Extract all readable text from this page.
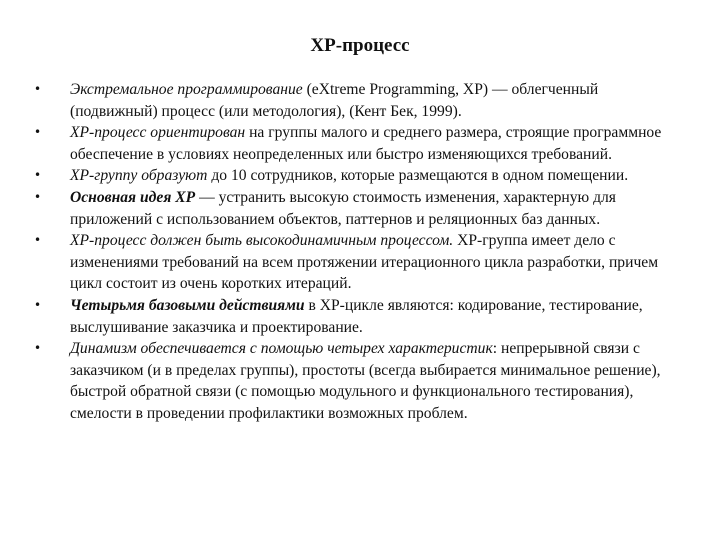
XP-процесс
• Экстремальное программирование (eXtreme Programming, XP) — облегченный (подвижный) процесс (или методология), (Кент Бек, 1999).
• XP-процесс ориентирован на группы малого и среднего размера, строящие программное обеспечение в условиях неопределенных или быстро изменяющихся требований.
• XP-группу образуют до 10 сотрудников, которые размещаются в одном помещении.
• Основная идея XP — устранить высокую стоимость изменения, характерную для приложений с использованием объектов, паттернов и реляционных баз данных.
• XP-процесс должен быть высокодинамичным процессом. XP-группа имеет дело с изменениями требований на всем протяжении итерационного цикла разработки, причем цикл состоит из очень коротких итераций.
• Четырьмя базовыми действиями в XP-цикле являются: кодирование, тестирование, выслушивание заказчика и проектирование.
• Динамизм обеспечивается с помощью четырех характеристик: непрерывной связи с заказчиком (и в пределах группы), простоты (всегда выбирается минимальное решение), быстрой обратной связи (с помощью модульного и функционального тестирования), смелости в проведении профилактики возможных проблем.
